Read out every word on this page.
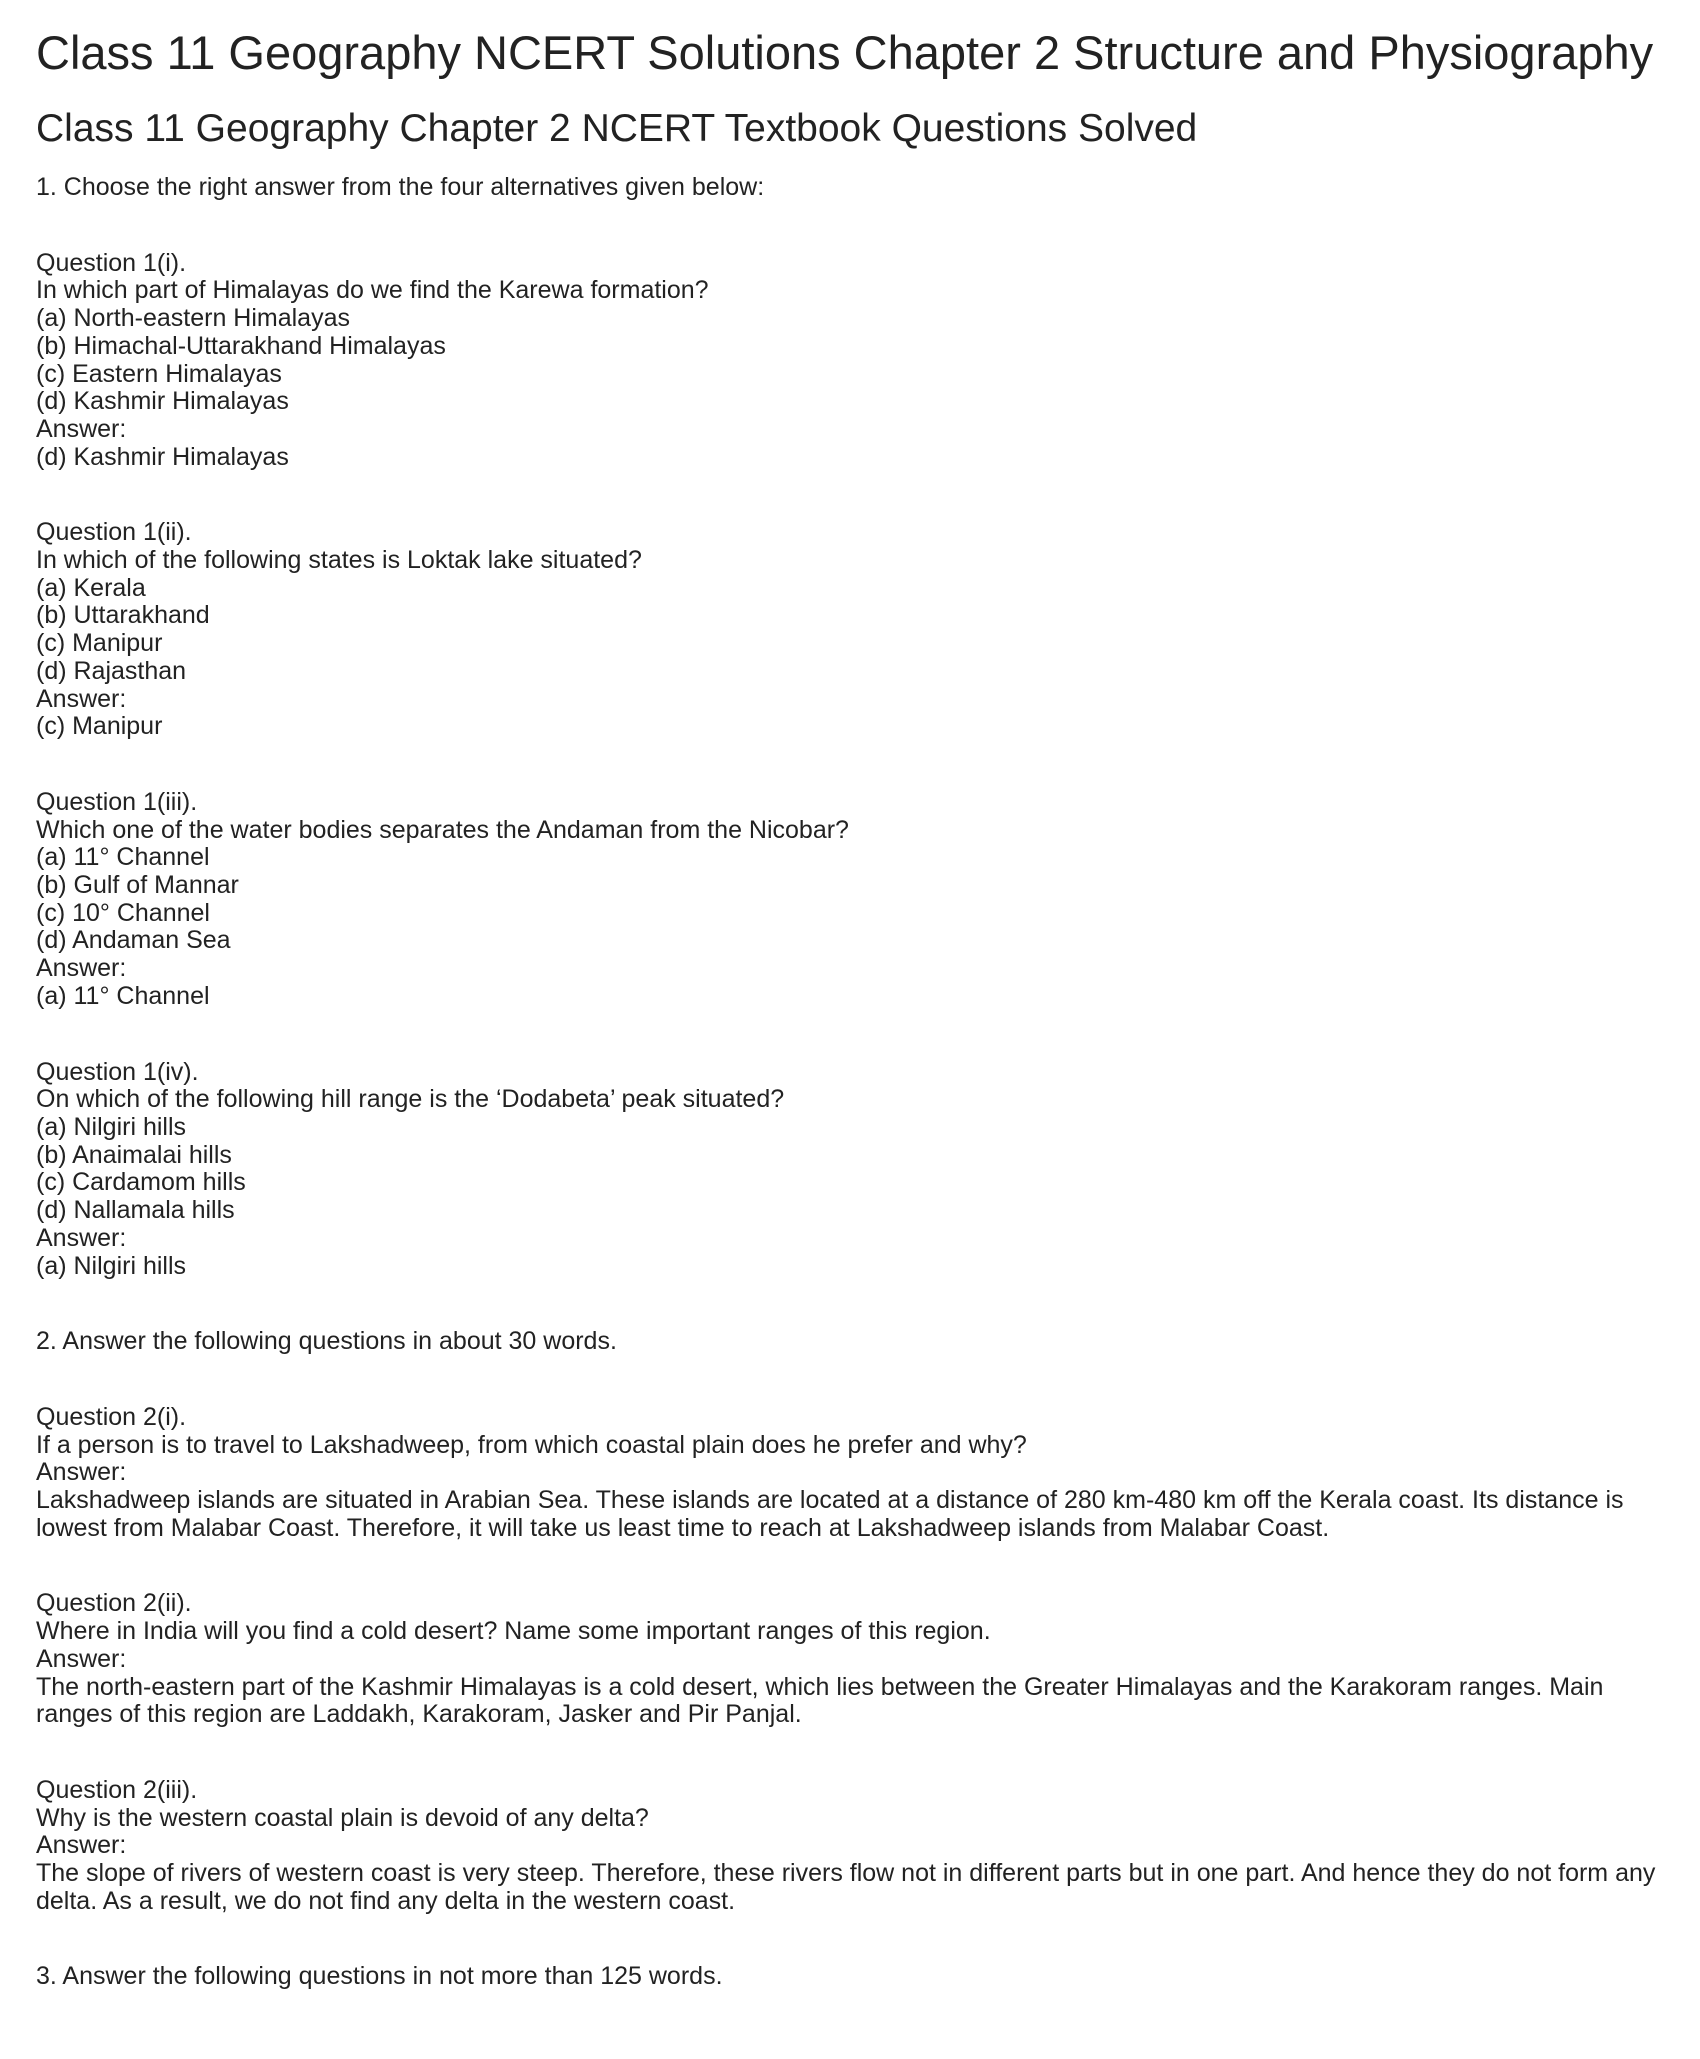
Class 11 Geography NCERT Solutions Chapter 2 Structure and Physiography
Class 11 Geography Chapter 2 NCERT Textbook Questions Solved
1. Choose the right answer from the four alternatives given below:
Question 1(i).
In which part of Himalayas do we find the Karewa formation?
(a) North-eastern Himalayas
(b) Himachal-Uttarakhand Himalayas
(c) Eastern Himalayas
(d) Kashmir Himalayas
Answer:
(d) Kashmir Himalayas
Question 1(ii).
In which of the following states is Loktak lake situated?
(a) Kerala
(b) Uttarakhand
(c) Manipur
(d) Rajasthan
Answer:
(c) Manipur
Question 1(iii).
Which one of the water bodies separates the Andaman from the Nicobar?
(a) 11° Channel
(b) Gulf of Mannar
(c) 10° Channel
(d) Andaman Sea
Answer:
(a) 11° Channel
Question 1(iv).
On which of the following hill range is the ‘Dodabeta’ peak situated?
(a) Nilgiri hills
(b) Anaimalai hills
(c) Cardamom hills
(d) Nallamala hills
Answer:
(a) Nilgiri hills
2. Answer the following questions in about 30 words.
Question 2(i).
If a person is to travel to Lakshadweep, from which coastal plain does he prefer and why?
Answer:
Lakshadweep islands are situated in Arabian Sea. These islands are located at a distance of 280 km-480 km off the Kerala coast. Its distance is lowest from Malabar Coast. Therefore, it will take us least time to reach at Lakshadweep islands from Malabar Coast.
Question 2(ii).
Where in India will you find a cold desert? Name some important ranges of this region.
Answer:
The north-eastern part of the Kashmir Himalayas is a cold desert, which lies between the Greater Himalayas and the Karakoram ranges. Main ranges of this region are Laddakh, Karakoram, Jasker and Pir Panjal.
Question 2(iii).
Why is the western coastal plain is devoid of any delta?
Answer:
The slope of rivers of western coast is very steep. Therefore, these rivers flow not in different parts but in one part. And hence they do not form any delta. As a result, we do not find any delta in the western coast.
3. Answer the following questions in not more than 125 words.
